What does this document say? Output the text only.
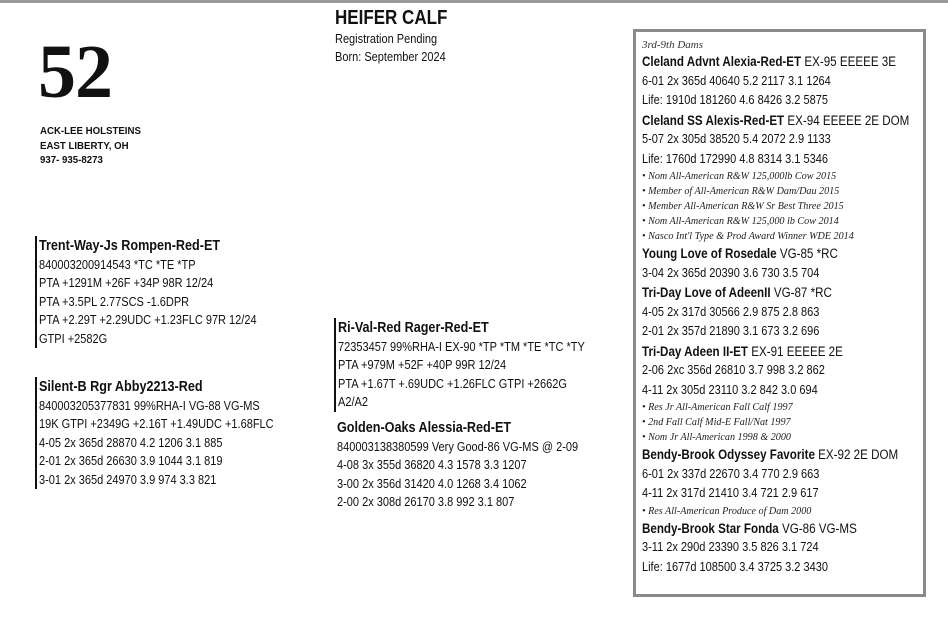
52
ACK-LEE HOLSTEINS
EAST LIBERTY, OH
937- 935-8273
HEIFER CALF
Registration Pending
Born: September 2024
Trent-Way-Js Rompen-Red-ET
840003200914543 *TC *TE *TP
PTA +1291M +26F +34P 98R 12/24
PTA +3.5PL 2.77SCS -1.6DPR
PTA +2.29T +2.29UDC +1.23FLC 97R 12/24
GTPI +2582G
Silent-B Rgr Abby2213-Red
840003205377831 99%RHA-I VG-88 VG-MS
19K GTPI +2349G +2.16T +1.49UDC +1.68FLC
4-05 2x 365d 28870 4.2 1206 3.1 885
2-01 2x 365d 26630 3.9 1044 3.1 819
3-01 2x 365d 24970 3.9 974 3.3 821
Ri-Val-Red Rager-Red-ET
72353457 99%RHA-I EX-90 *TP *TM *TE *TC *TY
PTA +979M +52F +40P 99R 12/24
PTA +1.67T +.69UDC +1.26FLC GTPI +2662G
A2/A2
Golden-Oaks Alessia-Red-ET
840003138380599 Very Good-86 VG-MS @ 2-09
4-08 3x 355d 36820 4.3 1578 3.3 1207
3-00 2x 356d 31420 4.0 1268 3.4 1062
2-00 2x 308d 26170 3.8 992 3.1 807
3rd-9th Dams
Cleland Advnt Alexia-Red-ET EX-95 EEEEE 3E
6-01 2x 365d 40640 5.2 2117 3.1 1264
Life: 1910d 181260 4.6 8426 3.2 5875
Cleland SS Alexis-Red-ET EX-94 EEEEE 2E DOM
5-07 2x 305d 38520 5.4 2072 2.9 1133
Life: 1760d 172990 4.8 8314 3.1 5346
• Nom All-American R&W 125,000lb Cow 2015
• Member of All-American R&W Dam/Dau 2015
• Member All-American R&W Sr Best Three 2015
• Nom All-American R&W 125,000 lb Cow 2014
• Nasco Int'l Type & Prod Award Winner WDE 2014
Young Love of Rosedale VG-85 *RC
3-04 2x 365d 20390 3.6 730 3.5 704
Tri-Day Love of AdeenII VG-87 *RC
4-05 2x 317d 30566 2.9 875 2.8 863
2-01 2x 357d 21890 3.1 673 3.2 696
Tri-Day Adeen II-ET EX-91 EEEEE 2E
2-06 2xc 356d 26810 3.7 998 3.2 862
4-11 2x 305d 23110 3.2 842 3.0 694
• Res Jr All-American Fall Calf 1997
• 2nd Fall Calf Mid-E Fall/Nat 1997
• Nom Jr All-American 1998 & 2000
Bendy-Brook Odyssey Favorite EX-92 2E DOM
6-01 2x 337d 22670 3.4 770 2.9 663
4-11 2x 317d 21410 3.4 721 2.9 617
• Res All-American Produce of Dam 2000
Bendy-Brook Star Fonda VG-86 VG-MS
3-11 2x 290d 23390 3.5 826 3.1 724
Life: 1677d 108500 3.4 3725 3.2 3430
